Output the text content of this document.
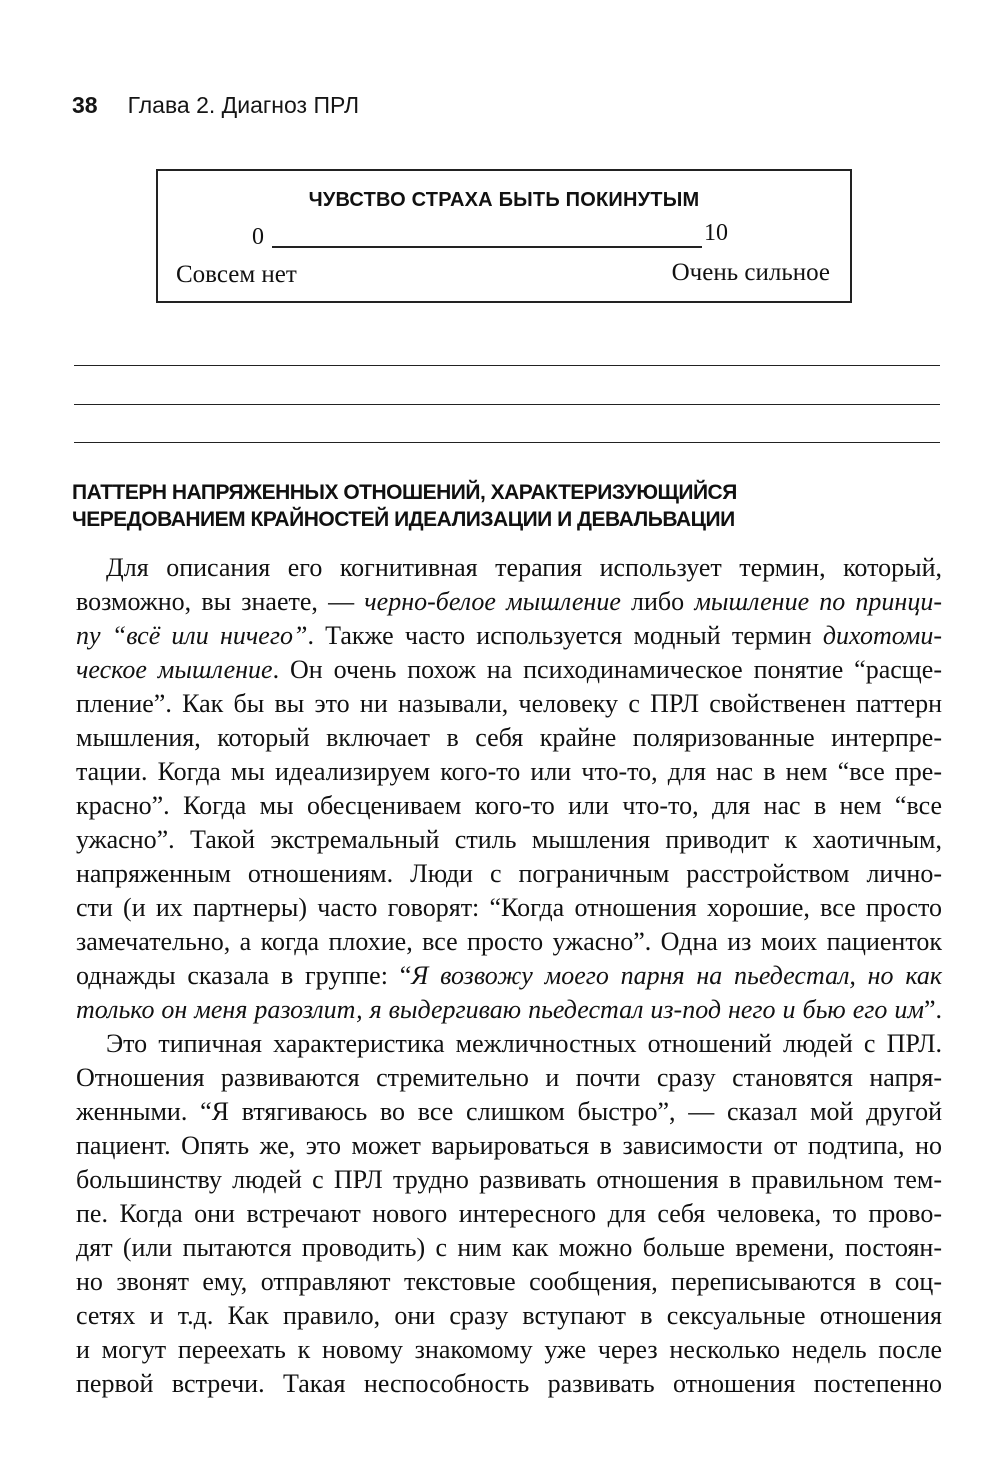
38 Глава 2. Диагноз ПРЛ
ЧУВСТВО СТРАХА БЫТЬ ПОКИНУТЫМ
0	10
Совсем нет	Очень сильное
ПАТТЕРН НАПРЯЖЕННЫХ ОТНОШЕНИЙ, ХАРАКТЕРИЗУЮЩИЙСЯ
ЧЕРЕДОВАНИЕМ КРАЙНОСТЕЙ ИДЕАЛИЗАЦИИ И ДЕВАЛЬВАЦИИ
Для описания его когнитивная терапия использует термин, который,
возможно, вы знаете, — черно-белое мышление либо мышление по принци-
пу “всё или ничего”. Также часто используется модный термин дихотоми-
ческое мышление. Он очень похож на психодинамическое понятие “расще-
пление”. Как бы вы это ни называли, человеку с ПРЛ свойственен паттерн
мышления, который включает в себя крайне поляризованные интерпре-
тации. Когда мы идеализируем кого-то или что-то, для нас в нем “все пре-
красно”. Когда мы обесцениваем кого-то или что-то, для нас в нем “все
ужасно”. Такой экстремальный стиль мышления приводит к хаотичным,
напряженным отношениям. Люди с пограничным расстройством лично-
сти (и их партнеры) часто говорят: “Когда отношения хорошие, все просто
замечательно, а когда плохие, все просто ужасно”. Одна из моих пациенток
однажды сказала в группе: “Я возвожу моего парня на пьедестал, но как
только он меня разозлит, я выдергиваю пьедестал из-под него и бью его им”.
Это типичная характеристика межличностных отношений людей с ПРЛ.
Отношения развиваются стремительно и почти сразу становятся напря-
женными. “Я втягиваюсь во все слишком быстро”, — сказал мой другой
пациент. Опять же, это может варьироваться в зависимости от подтипа, но
большинству людей с ПРЛ трудно развивать отношения в правильном тем-
пе. Когда они встречают нового интересного для себя человека, то прово-
дят (или пытаются проводить) с ним как можно больше времени, постоян-
но звонят ему, отправляют текстовые сообщения, переписываются в соц-
сетях и т.д. Как правило, они сразу вступают в сексуальные отношения
и могут переехать к новому знакомому уже через несколько недель после
первой встречи. Такая неспособность развивать отношения постепенно
